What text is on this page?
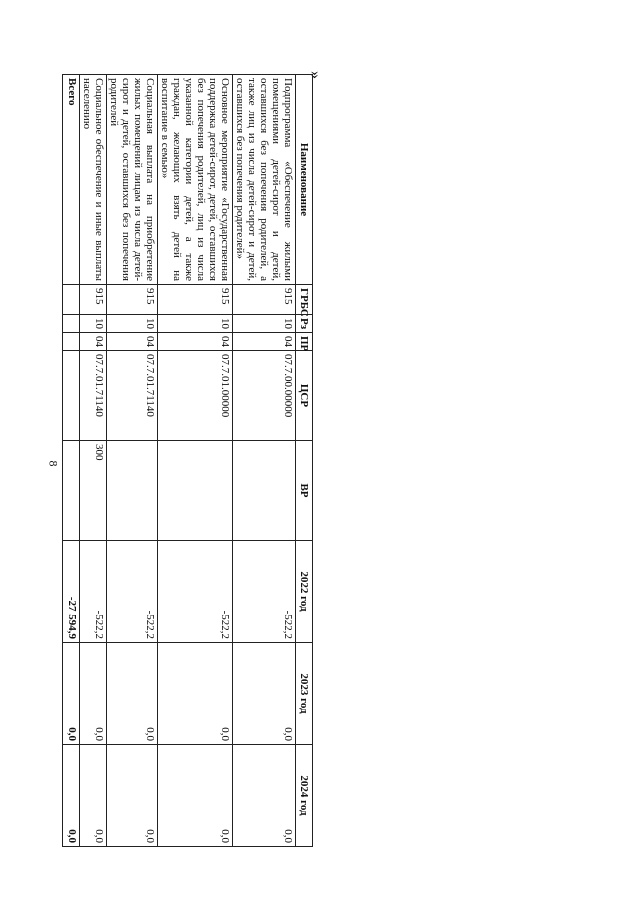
8
»
Наименование	ГРБС	Рз	ПР	ЦСР	ВР	2022 год	2023 год	2024 год
Подпрограмма «Обеспечение жилыми помещениями детей-сирот и детей, оставшихся без попечения родителей, а также лиц из числа детей-сирот и детей, оставшихся без попечения родителей»	915	10	04	07.7.00.00000		-522,2	0,0	0,0
Основное мероприятие «Государственная поддержка детей-сирот, детей, оставшихся без попечения родителей, лиц из числа указанной категории детей, а также граждан, желающих взять детей на воспитание в семью»	915	10	04	07.7.01.00000		-522,2	0,0	0,0
Социальная выплата на приобретение жилых помещений лицам из числа детей-сирот и детей, оставшихся без попечения родителей	915	10	04	07.7.01.71140		-522,2	0,0	0,0
Социальное обеспечение и иные выплаты населению	915	10	04	07.7.01.71140	300	-522,2	0,0	0,0
Всего						-27 594,9	0,0	0,0
